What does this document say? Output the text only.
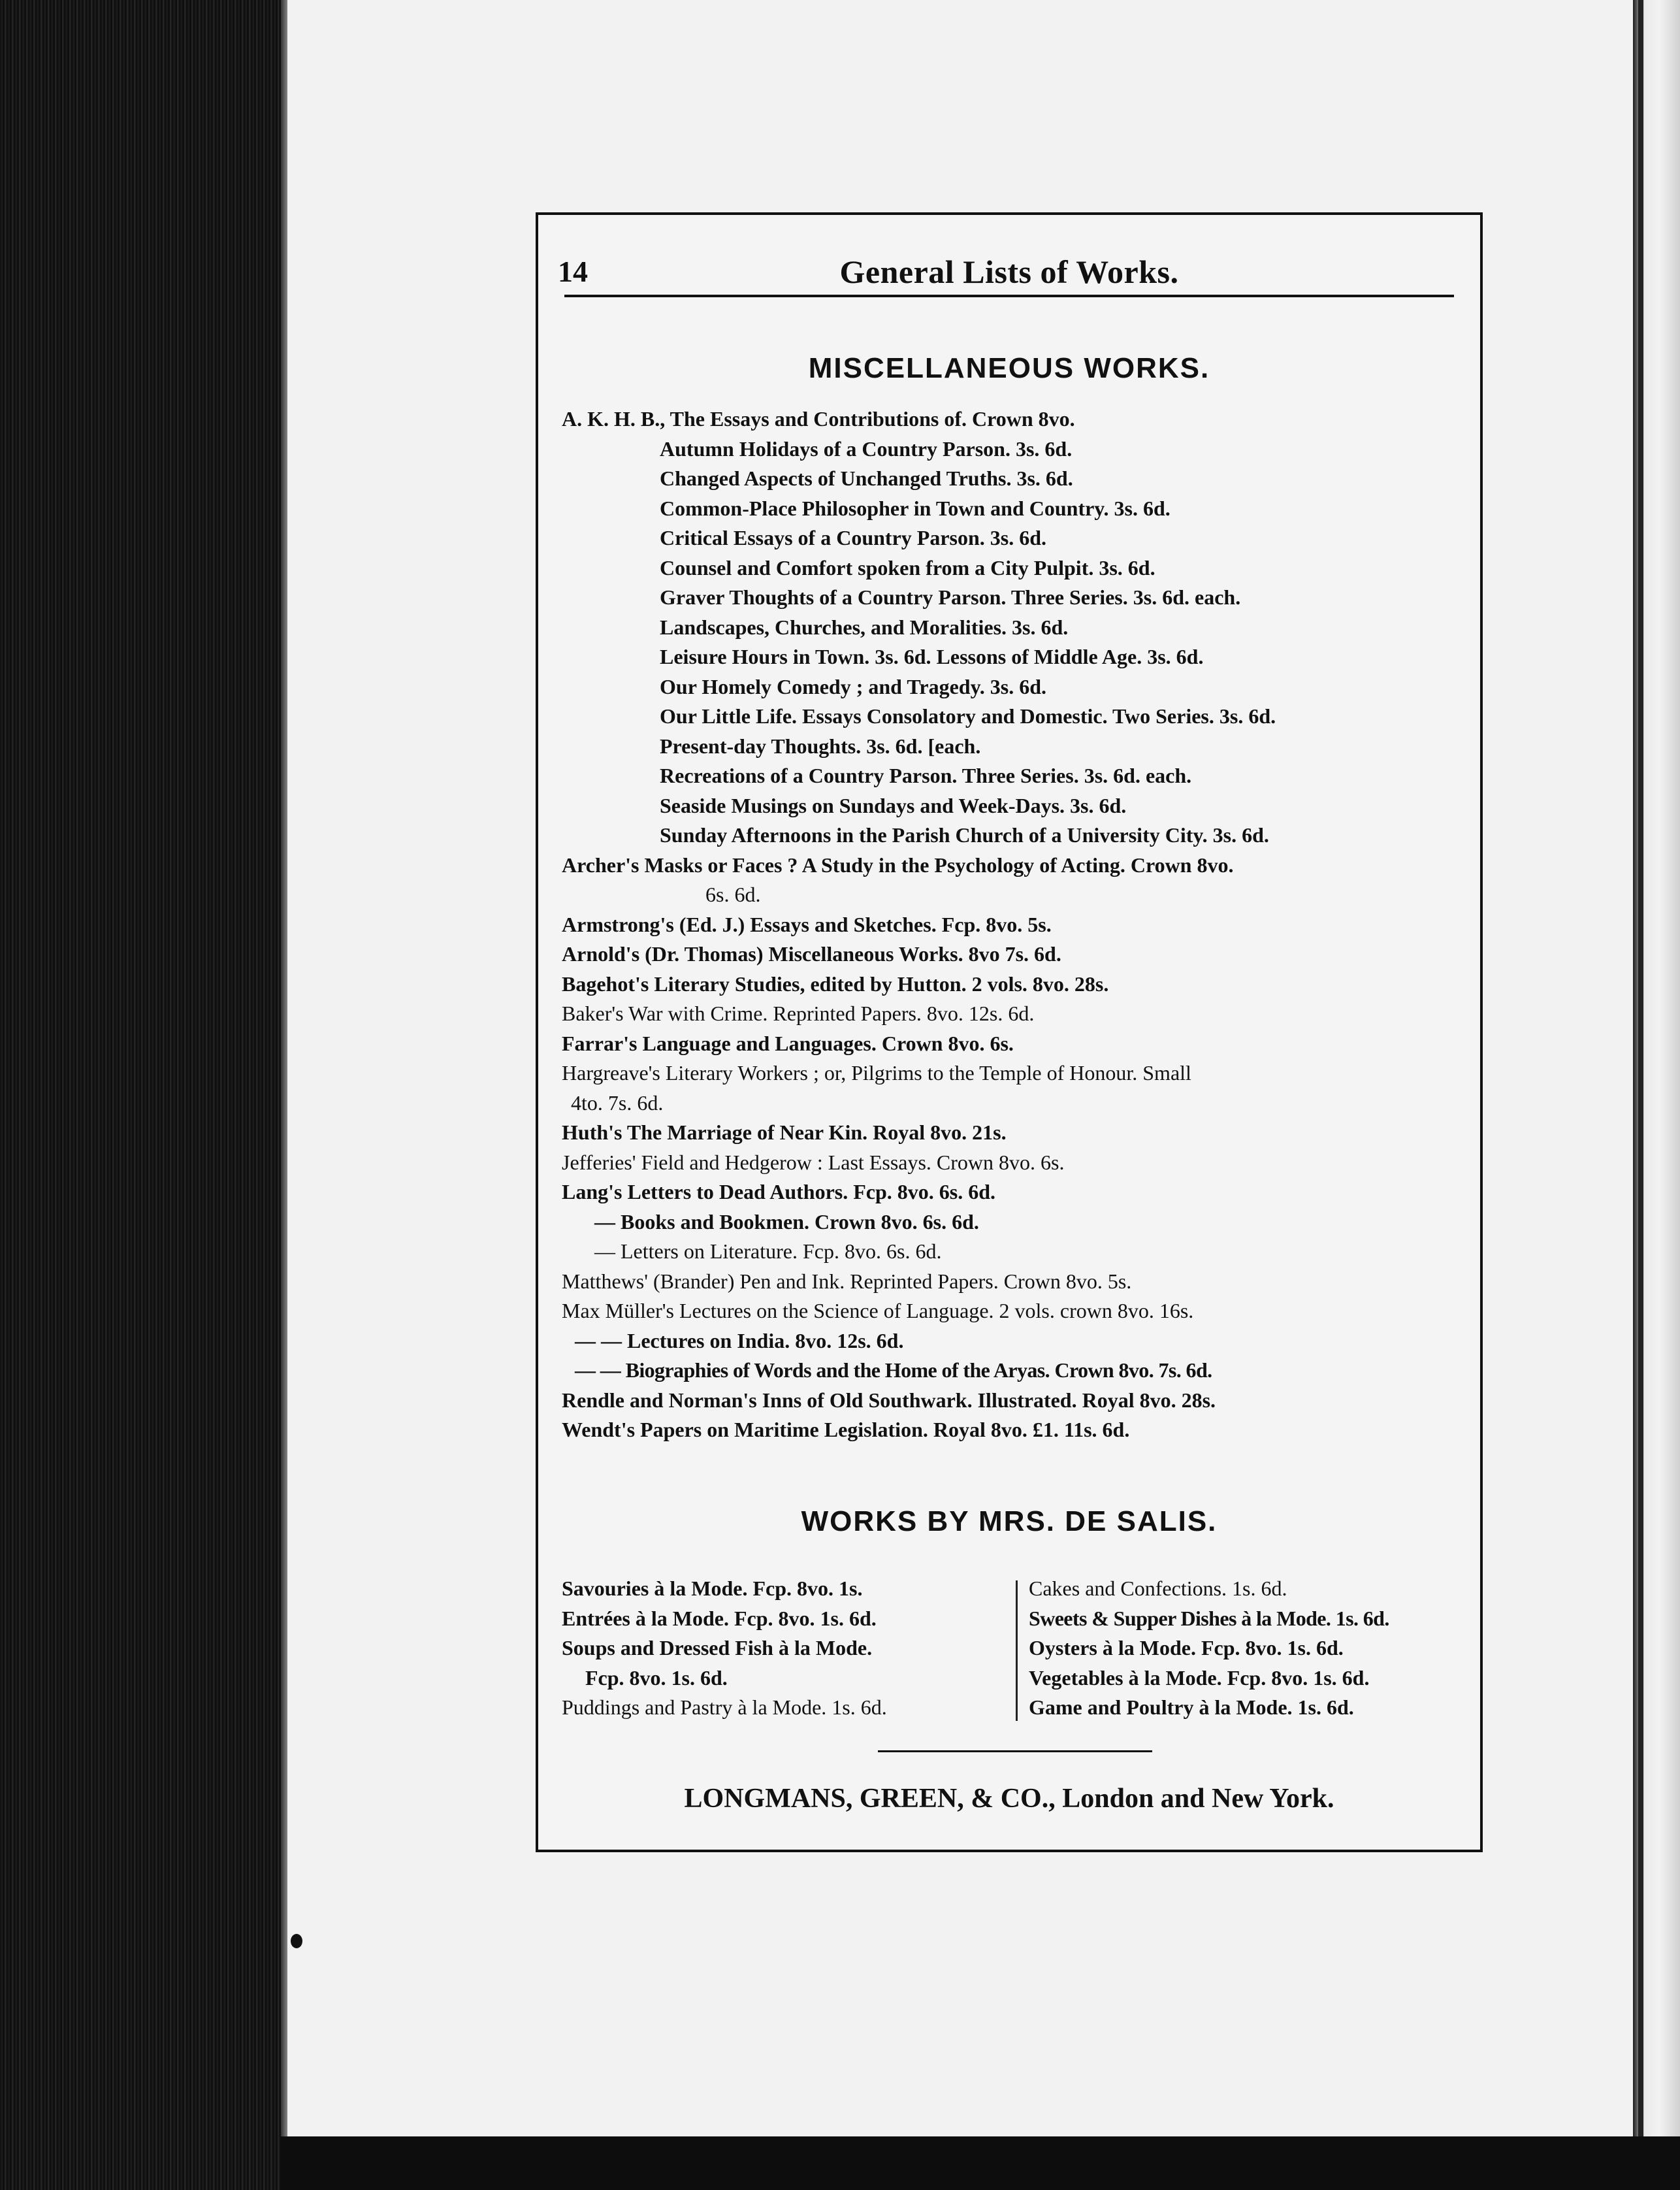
14	General Lists of Works.
MISCELLANEOUS WORKS.
A. K. H. B., The Essays and Contributions of. Crown 8vo.
Autumn Holidays of a Country Parson. 3s. 6d.
Changed Aspects of Unchanged Truths. 3s. 6d.
Common-Place Philosopher in Town and Country. 3s. 6d.
Critical Essays of a Country Parson. 3s. 6d.
Counsel and Comfort spoken from a City Pulpit. 3s. 6d.
Graver Thoughts of a Country Parson. Three Series. 3s. 6d. each.
Landscapes, Churches, and Moralities. 3s. 6d.
Leisure Hours in Town. 3s. 6d. Lessons of Middle Age. 3s. 6d.
Our Homely Comedy ; and Tragedy. 3s. 6d.
Our Little Life. Essays Consolatory and Domestic. Two Series. 3s. 6d.
Present-day Thoughts. 3s. 6d. [each.
Recreations of a Country Parson. Three Series. 3s. 6d. each.
Seaside Musings on Sundays and Week-Days. 3s. 6d.
Sunday Afternoons in the Parish Church of a University City. 3s. 6d.
Archer's Masks or Faces ? A Study in the Psychology of Acting. Crown 8vo.
6s. 6d.
Armstrong's (Ed. J.) Essays and Sketches. Fcp. 8vo. 5s.
Arnold's (Dr. Thomas) Miscellaneous Works. 8vo 7s. 6d.
Bagehot's Literary Studies, edited by Hutton. 2 vols. 8vo. 28s.
Baker's War with Crime. Reprinted Papers. 8vo. 12s. 6d.
Farrar's Language and Languages. Crown 8vo. 6s.
Hargreave's Literary Workers ; or, Pilgrims to the Temple of Honour. Small
4to. 7s. 6d.
Huth's The Marriage of Near Kin. Royal 8vo. 21s.
Jefferies' Field and Hedgerow : Last Essays. Crown 8vo. 6s.
Lang's Letters to Dead Authors. Fcp. 8vo. 6s. 6d.
— Books and Bookmen. Crown 8vo. 6s. 6d.
— Letters on Literature. Fcp. 8vo. 6s. 6d.
Matthews' (Brander) Pen and Ink. Reprinted Papers. Crown 8vo. 5s.
Max Müller's Lectures on the Science of Language. 2 vols. crown 8vo. 16s.
— — Lectures on India. 8vo. 12s. 6d.
— — Biographies of Words and the Home of the Aryas. Crown 8vo. 7s. 6d.
Rendle and Norman's Inns of Old Southwark. Illustrated. Royal 8vo. 28s.
Wendt's Papers on Maritime Legislation. Royal 8vo. £1. 11s. 6d.
WORKS BY MRS. DE SALIS.
Savouries à la Mode. Fcp. 8vo. 1s.
Entrées à la Mode. Fcp. 8vo. 1s. 6d.
Soups and Dressed Fish à la Mode.
Fcp. 8vo. 1s. 6d.
Puddings and Pastry à la Mode. 1s. 6d.
Cakes and Confections. 1s. 6d.
Sweets & Supper Dishes à la Mode. 1s. 6d.
Oysters à la Mode. Fcp. 8vo. 1s. 6d.
Vegetables à la Mode. Fcp. 8vo. 1s. 6d.
Game and Poultry à la Mode. 1s. 6d.
LONGMANS, GREEN, & CO., London and New York.
